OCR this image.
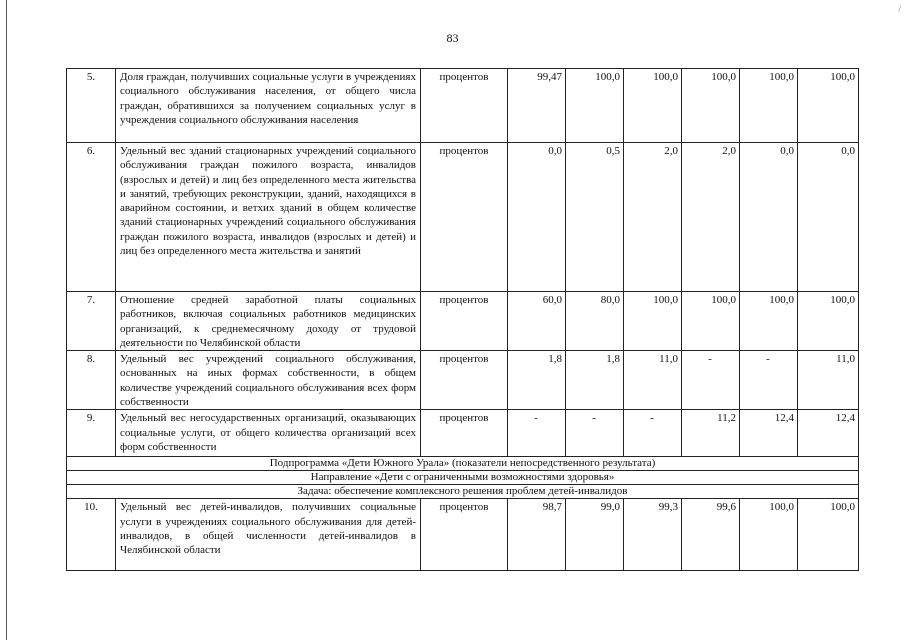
/
83
5.	Доля граждан, получивших социальные услуги в учреждениях социального обслуживания населения, от общего числа граждан, обратившихся за получением социальных услуг в учреждения социального обслуживания населения	процентов	99,47	100,0	100,0	100,0	100,0	100,0
6.	Удельный вес зданий стационарных учреждений социального обслуживания граждан пожилого возраста, инвалидов (взрослых и детей) и лиц без определенного места жительства и занятий, требующих реконструкции, зданий, находящихся в аварийном состоянии, и ветхих зданий в общем количестве зданий стационарных учреждений социального обслуживания граждан пожилого возраста, инвалидов (взрослых и детей) и лиц без определенного места жительства и занятий	процентов	0,0	0,5	2,0	2,0	0,0	0,0
7.	Отношение средней заработной платы социальных работников, включая социальных работников медицинских организаций, к среднемесячному доходу от трудовой деятельности по Челябинской области	процентов	60,0	80,0	100,0	100,0	100,0	100,0
8.	Удельный вес учреждений социального обслуживания, основанных на иных формах собственности, в общем количестве учреждений социального обслуживания всех форм собственности	процентов	1,8	1,8	11,0	-	-	11,0
9.	Удельный вес негосударственных организаций, оказывающих социальные услуги, от общего количества организаций всех форм собственности	процентов	-	-	-	11,2	12,4	12,4
Подпрограмма «Дети Южного Урала» (показатели непосредственного результата)								
Направление «Дети с ограниченными возможностями здоровья»								
Задача: обеспечение комплексного решения проблем детей-инвалидов								
10.	Удельный вес детей-инвалидов, получивших социальные услуги в учреждениях социального обслуживания для детей-инвалидов, в общей численности детей-инвалидов в Челябинской области	процентов	98,7	99,0	99,3	99,6	100,0	100,0
